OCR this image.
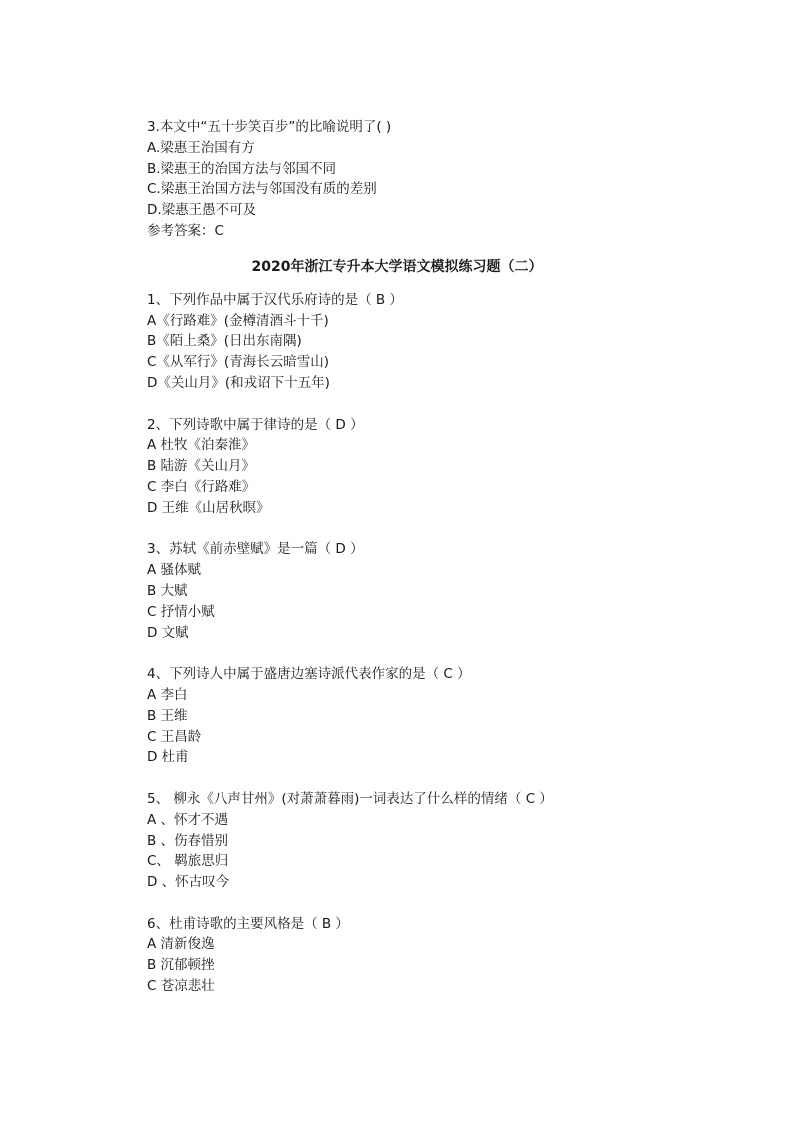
3.本文中“五十步笑百步”的比喻说明了( )
A.梁惠王治国有方
B.梁惠王的治国方法与邻国不同
C.梁惠王治国方法与邻国没有质的差别
D.梁惠王愚不可及
参考答案：C
2020年浙江专升本大学语文模拟练习题（二）
1、下列作品中属于汉代乐府诗的是（ B ）
A《行路难》(金樽清酒斗十千)
B《陌上桑》(日出东南隅)
C《从军行》(青海长云暗雪山)
D《关山月》(和戎诏下十五年)
2、下列诗歌中属于律诗的是（ D ）
A 杜牧《泊秦淮》
B 陆游《关山月》
C 李白《行路难》
D 王维《山居秋暝》
3、苏轼《前赤壁赋》是一篇（ D ）
A 骚体赋
B 大赋
C 抒情小赋
D 文赋
4、下列诗人中属于盛唐边塞诗派代表作家的是（ C ）
A 李白
B 王维
C 王昌龄
D 杜甫
5、 柳永《八声甘州》(对萧萧暮雨)一词表达了什么样的情绪（ C ）
A 、怀才不遇
B 、伤春惜别
C、 羁旅思归
D 、怀古叹今
6、杜甫诗歌的主要风格是（ B ）
A 清新俊逸
B 沉郁顿挫
C 苍凉悲壮
